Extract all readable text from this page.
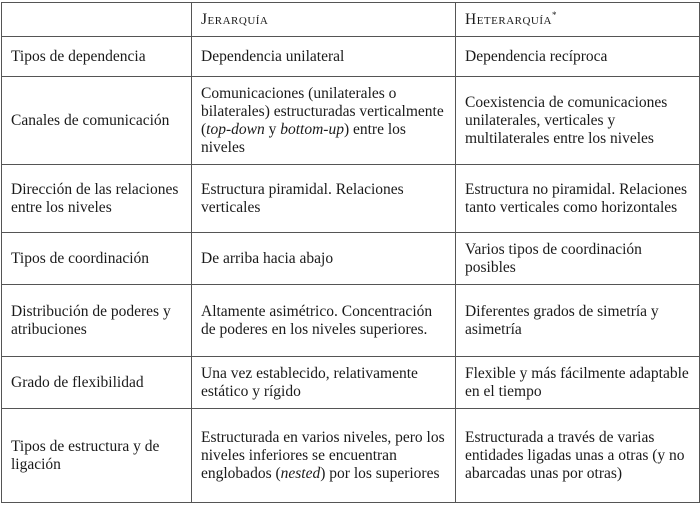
	Jerarquía	Heterarquía*
Tipos de dependencia	Dependencia unilateral	Dependencia recíproca
Canales de comunicación	Comunicaciones (unilaterales o bilaterales) estructuradas verticalmente (top-down y bottom-up) entre los niveles	Coexistencia de comunicaciones unilaterales, verticales y multilaterales entre los niveles
Dirección de las relaciones entre los niveles	Estructura piramidal. Relaciones verticales	Estructura no piramidal. Relaciones tanto verticales como horizontales
Tipos de coordinación	De arriba hacia abajo	Varios tipos de coordinación posibles
Distribución de poderes y atribuciones	Altamente asimétrico. Concentración de poderes en los niveles superiores.	Diferentes grados de simetría y asimetría
Grado de flexibilidad	Una vez establecido, relativamente estático y rígido	Flexible y más fácilmente adaptable en el tiempo
Tipos de estructura y de ligación	Estructurada en varios niveles, pero los niveles inferiores se encuentran englobados (nested) por los superiores	Estructurada a través de varias entidades ligadas unas a otras (y no abarcadas unas por otras)
